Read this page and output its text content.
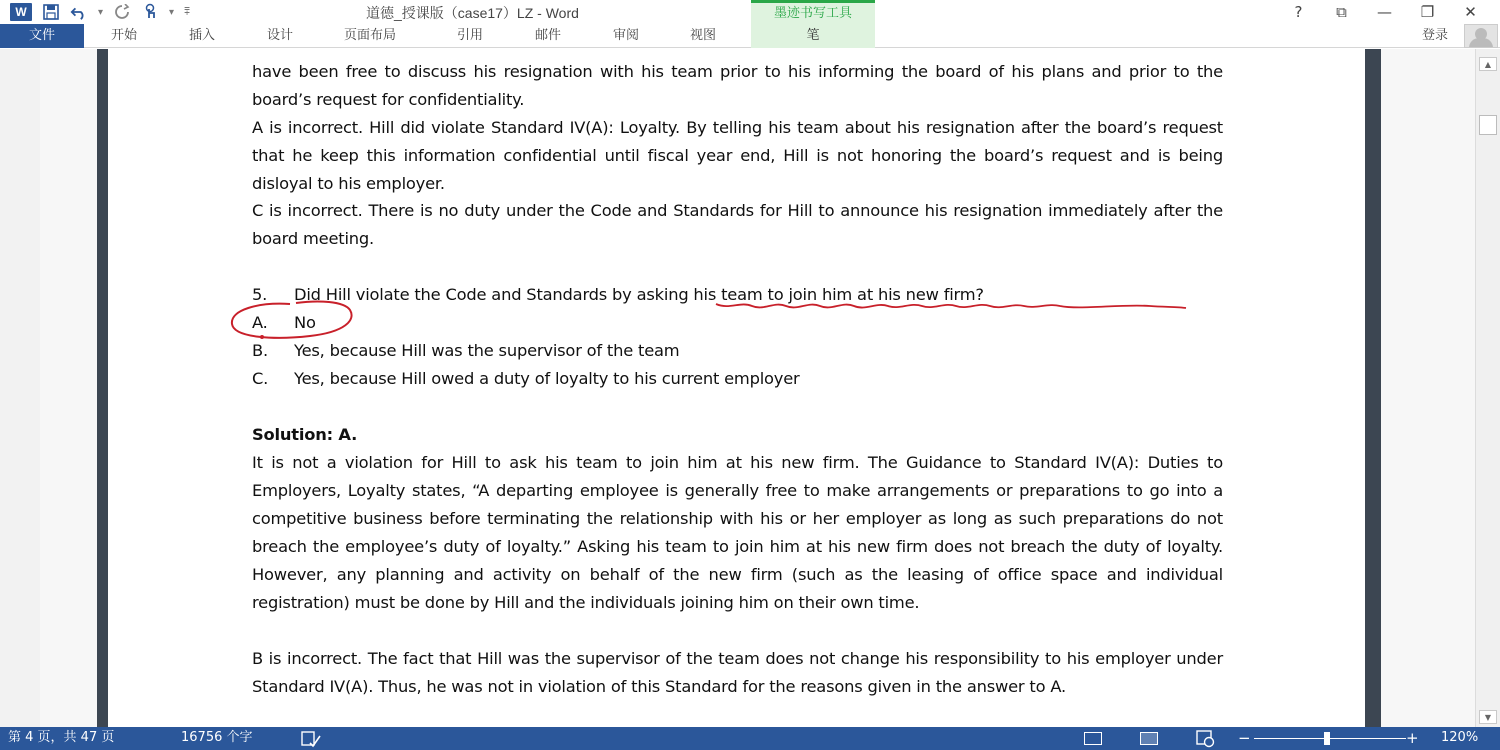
W	▾	▾ ⩱	道德_授课版（case17）LZ - Word	墨迹书写工具	?	⧉	—	❐	✕
文件	开始	插入	设计	页面布局	引用	邮件	审阅	视图	笔	登录
have been free to discuss his resignation with his team prior to his informing the board of his plans and prior to the board’s request for confidentiality.
A is incorrect. Hill did violate Standard IV(A): Loyalty. By telling his team about his resignation after the board’s request that he keep this information confidential until fiscal year end, Hill is not honoring the board’s request and is being disloyal to his employer.
C is incorrect. There is no duty under the Code and Standards for Hill to announce his resignation immediately after the board meeting.
5.	Did Hill violate the Code and Standards by asking his team to join him at his new firm?
A.	No
B.	Yes, because Hill was the supervisor of the team
C.	Yes, because Hill owed a duty of loyalty to his current employer
Solution: A.
It is not a violation for Hill to ask his team to join him at his new firm. The Guidance to Standard IV(A): Duties to Employers, Loyalty states, “A departing employee is generally free to make arrangements or preparations to go into a competitive business before terminating the relationship with his or her employer as long as such preparations do not breach the employee’s duty of loyalty.” Asking his team to join him at his new firm does not breach the duty of loyalty. However, any planning and activity on behalf of the new firm (such as the leasing of office space and individual registration) must be done by Hill and the individuals joining him on their own time.
B is incorrect. The fact that Hill was the supervisor of the team does not change his responsibility to his employer under Standard IV(A). Thus, he was not in violation of this Standard for the reasons given in the answer to A.
▲
▼
第 4 页，共 47 页	16756 个字	−	+ 120%
